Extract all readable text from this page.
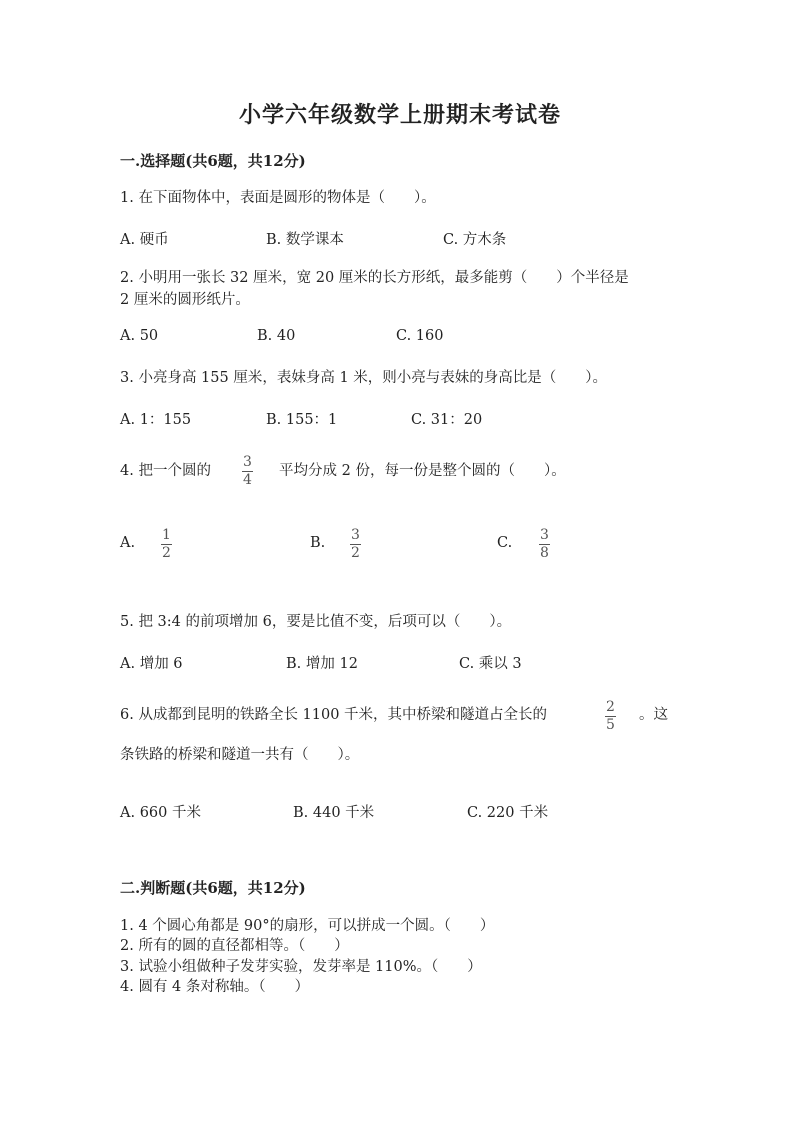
小学六年级数学上册期末考试卷
一.选择题(共6题，共12分)
1. 在下面物体中，表面是圆形的物体是（　　）。
A. 硬币	B. 数学课本	C. 方木条
2. 小明用一张长 32 厘米，宽 20 厘米的长方形纸，最多能剪（　　）个半径是
2 厘米的圆形纸片。
A. 50	B. 40	C. 160
3. 小亮身高 155 厘米，表妹身高 1 米，则小亮与表妹的身高比是（　　）。
A. 1：155	B. 155：1	C. 31：20
4. 把一个圆的
3
4
平均分成 2 份，每一份是整个圆的（　　）。
A. 1
2
B. 3
2
C. 3
8
5. 把 3:4 的前项增加 6，要是比值不变，后项可以（　　）。
A. 增加 6	B. 增加 12	C. 乘以 3
6. 从成都到昆明的铁路全长 1100 千米，其中桥梁和隧道占全长的	2
5
。这
条铁路的桥梁和隧道一共有（　　）。
A. 660 千米	B. 440 千米	C. 220 千米
二.判断题(共6题，共12分)
1. 4 个圆心角都是 90°的扇形，可以拼成一个圆。（　　）
2. 所有的圆的直径都相等。（　　）
3. 试验小组做种子发芽实验，发芽率是 110%。（　　）
4. 圆有 4 条对称轴。（　　）
